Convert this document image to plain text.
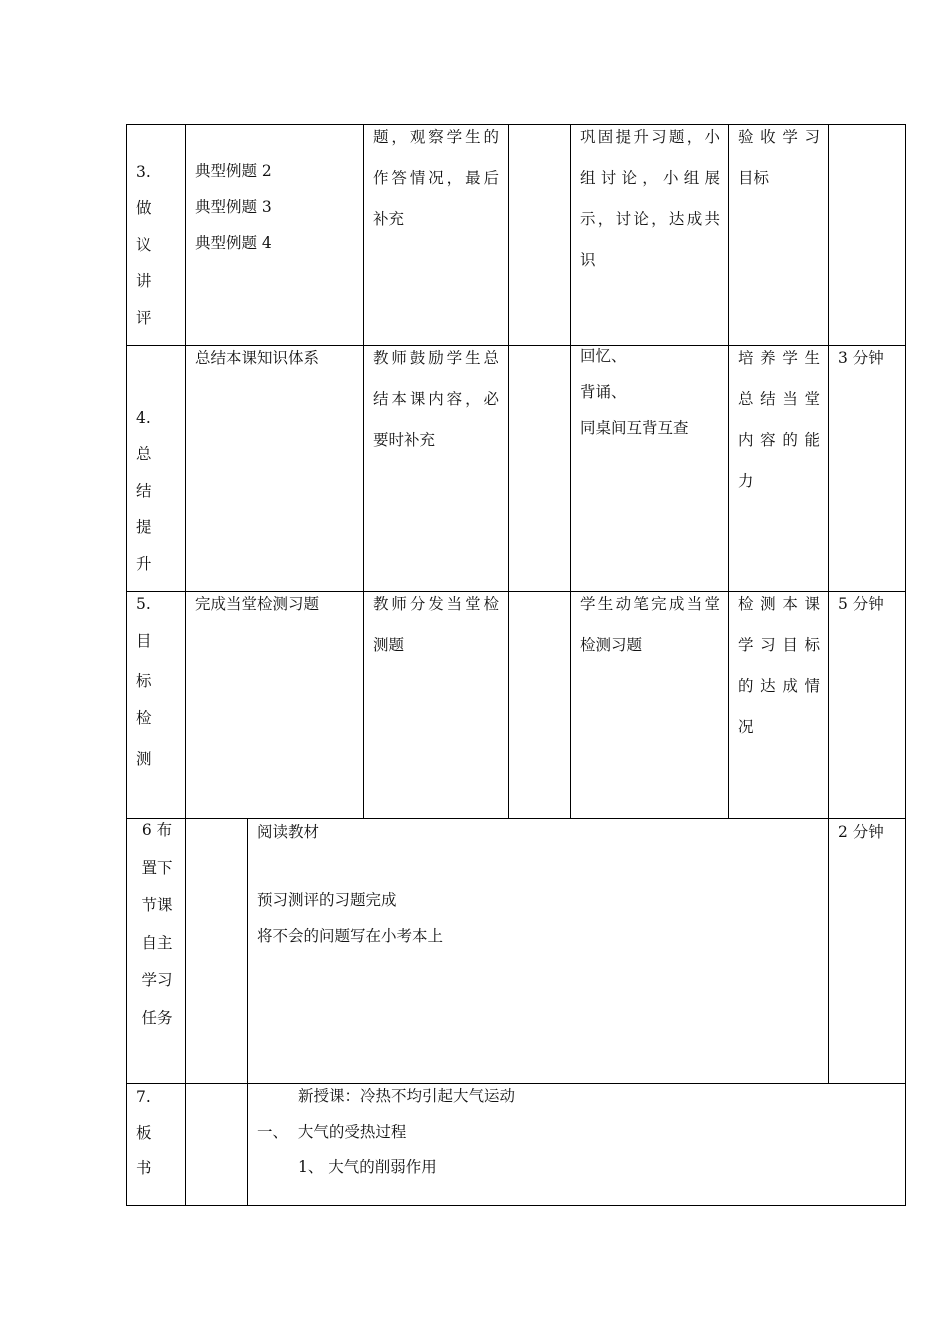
3.
做
议
讲
评
典型例题 2
典型例题 3
典型例题 4
题，观察学生的
作答情况，最后
补充
巩固提升习题，小
组讨论，小组展
示，讨论，达成共
识
验收学习
目标
4.
总
结
提
升
总结本课知识体系	教师鼓励学生总
结本课内容，必
要时补充
回忆、
背诵、
同桌间互背互查
培养学生
总结当堂
内容的能
力
3 分钟
5.
目
标
检
测
完成当堂检测习题	教师分发当堂检
测题
学生动笔完成当堂
检测习题
检测本课
学习目标
的达成情
况
5 分钟
6 布
置下
节课
自主
学习
任务
阅读教材
预习测评的习题完成
将不会的问题写在小考本上
2 分钟
7.
板
书
新授课：冷热不均引起大气运动
一、  大气的受热过程
1、 大气的削弱作用
